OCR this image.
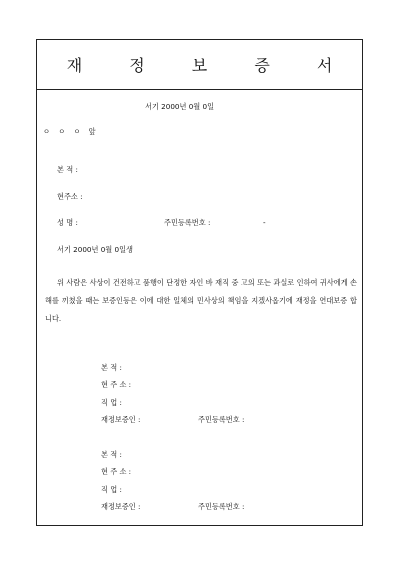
재 정 보 증 서
서기 2000년 0월 0일
ㅇ ㅇ ㅇ 앞
본 적 :
현주소 :
성 명 :	주민등록번호 :	-
서기 2000년 0월 0일생
위 사람은 사상이 건전하고 품행이 단정한 자인 바 재직 중 고의 또는 과실로 인하여 귀사에게 손해를 끼쳤을 때는 보증인등은 이에 대한 일체의 민사상의 책임을 지겠사옵기에 재정을 연대보증 합니다.
본 적 :
현 주 소 :
직 업 :
재정보증인 :	주민등록번호 :
본 적 :
현 주 소 :
직 업 :
재정보증인 :	주민등록번호 :
